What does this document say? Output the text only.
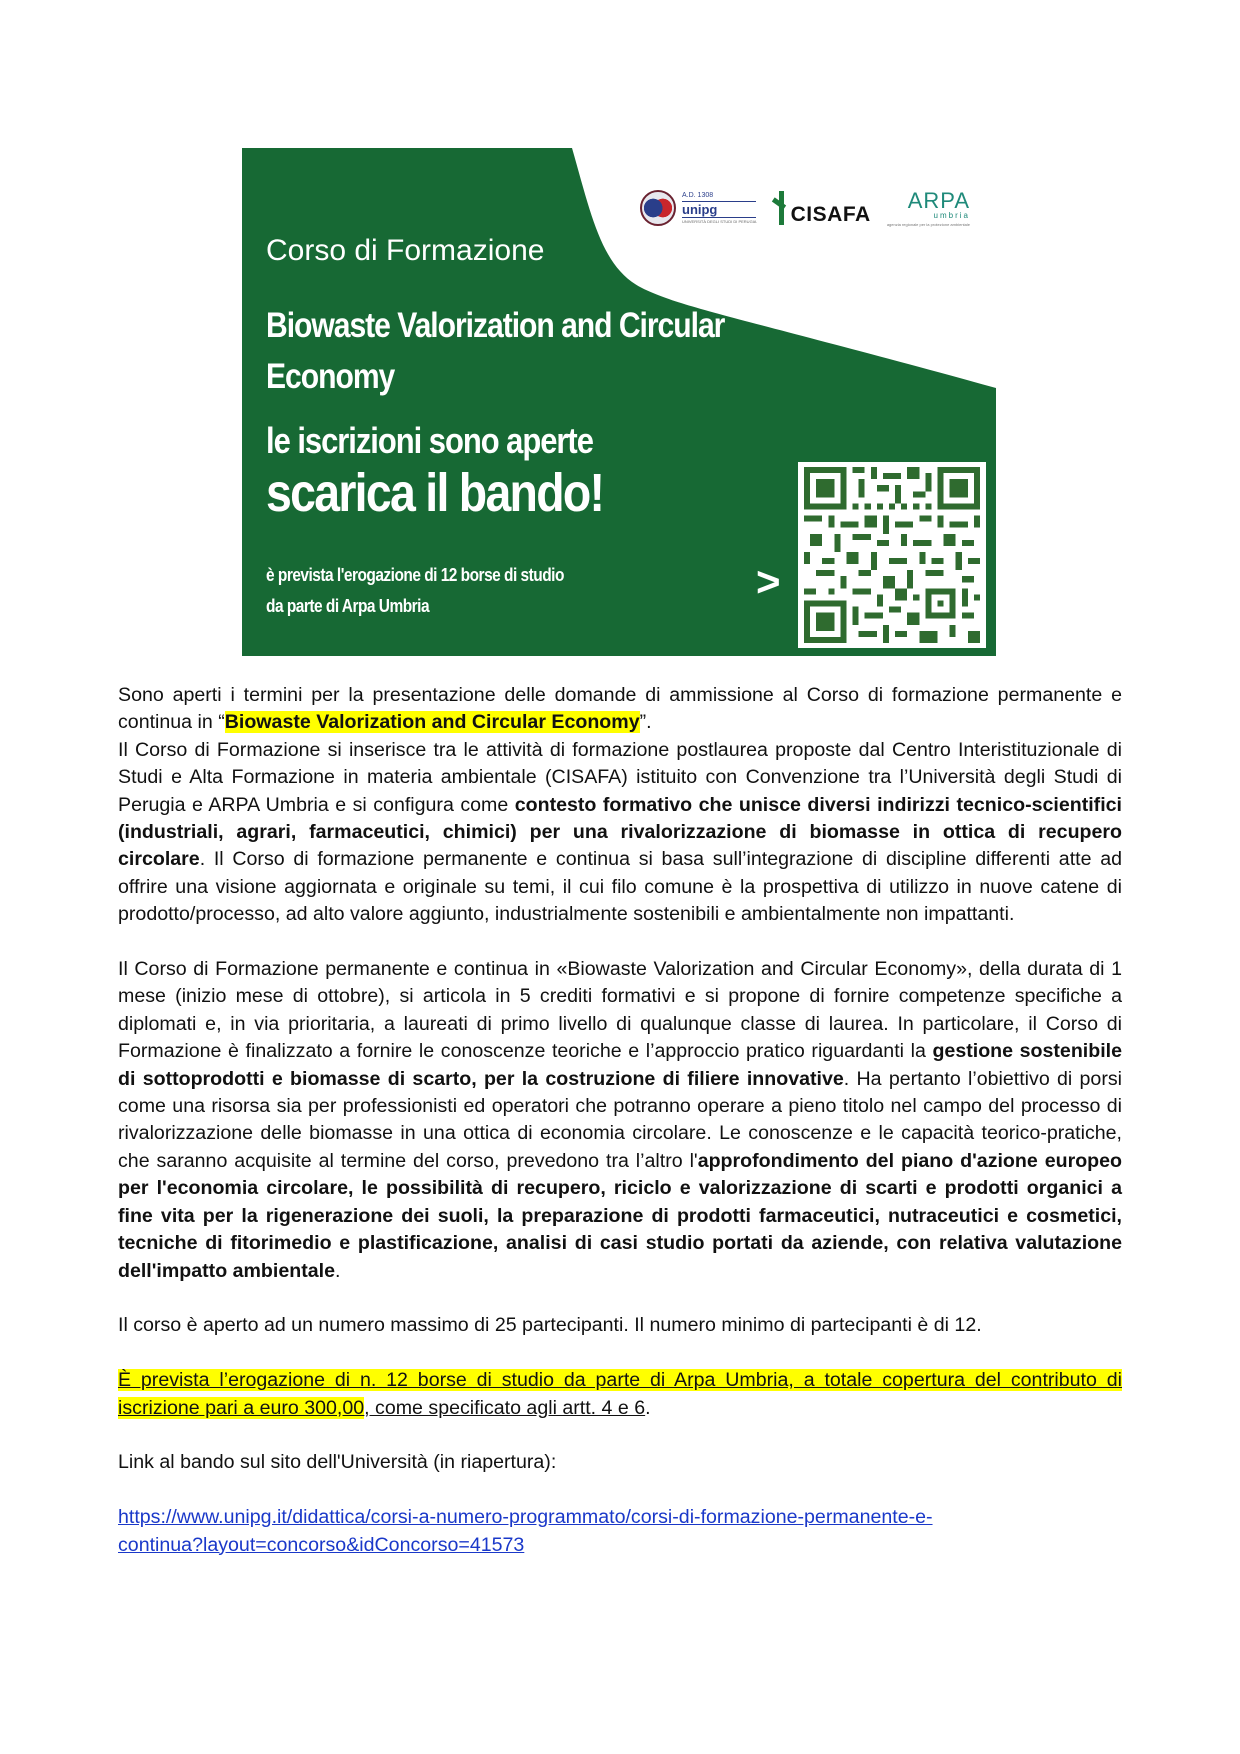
A.D. 1308
unipg
UNIVERSITÀ DEGLI STUDI DI PERUGIA CISAFA
ARPA
umbria
agenzia regionale per la protezione ambientale
Corso di Formazione
Biowaste Valorization and Circular
Economy
le iscrizioni sono aperte
scarica il bando!
è prevista l'erogazione di 12 borse di studio
da parte di Arpa Umbria
>

Sono aperti i termini per la presentazione delle domande di ammissione al Corso di formazione permanente e continua in “Biowaste Valorization and Circular Economy”.

Il Corso di Formazione si inserisce tra le attività di formazione postlaurea proposte dal Centro Interistituzionale di Studi e Alta Formazione in materia ambientale (CISAFA) istituito con Convenzione tra l’Università degli Studi di Perugia e ARPA Umbria e si configura come contesto formativo che unisce diversi indirizzi tecnico-scientifici (industriali, agrari, farmaceutici, chimici) per una rivalorizzazione di biomasse in ottica di recupero circolare. Il Corso di formazione permanente e continua si basa sull’integrazione di discipline differenti atte ad offrire una visione aggiornata e originale su temi, il cui filo comune è la prospettiva di utilizzo in nuove catene di prodotto/processo, ad alto valore aggiunto, industrialmente sostenibili e ambientalmente non impattanti.

Il Corso di Formazione permanente e continua in «Biowaste Valorization and Circular Economy», della durata di 1 mese (inizio mese di ottobre), si articola in 5 crediti formativi e si propone di fornire competenze specifiche a diplomati e, in via prioritaria, a laureati di primo livello di qualunque classe di laurea. In particolare, il Corso di Formazione è finalizzato a fornire le conoscenze teoriche e l’approccio pratico riguardanti la gestione sostenibile di sottoprodotti e biomasse di scarto, per la costruzione di filiere innovative. Ha pertanto l’obiettivo di porsi come una risorsa sia per professionisti ed operatori che potranno operare a pieno titolo nel campo del processo di rivalorizzazione delle biomasse in una ottica di economia circolare. Le conoscenze e le capacità teorico-pratiche, che saranno acquisite al termine del corso, prevedono tra l’altro l'approfondimento del piano d'azione europeo per l'economia circolare, le possibilità di recupero, riciclo e valorizzazione di scarti e prodotti organici a fine vita per la rigenerazione dei suoli, la preparazione di prodotti farmaceutici, nutraceutici e cosmetici, tecniche di fitorimedio e plastificazione, analisi di casi studio portati da aziende, con relativa valutazione dell'impatto ambientale.

Il corso è aperto ad un numero massimo di 25 partecipanti. Il numero minimo di partecipanti è di 12.

È prevista l’erogazione di n. 12 borse di studio da parte di Arpa Umbria, a totale copertura del contributo di iscrizione pari a euro 300,00, come specificato agli artt. 4 e 6.

Link al bando sul sito dell'Università (in riapertura):

https://www.unipg.it/didattica/corsi-a-numero-programmato/corsi-di-formazione-permanente-e-
continua?layout=concorso&idConcorso=41573
